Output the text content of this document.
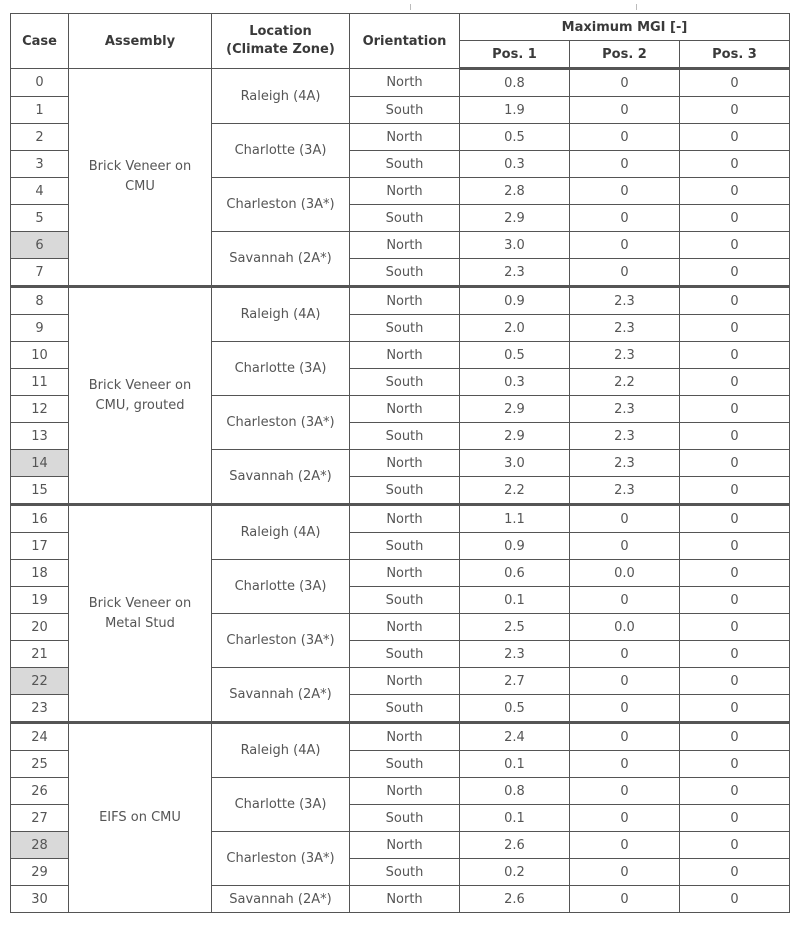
Case	Assembly	Location
(Climate Zone)	Orientation	Maximum MGI [-]		
				Pos. 1	Pos. 2	Pos. 3
0	Brick Veneer on CMU	Raleigh (4A)	North	0.8	0	0
1			South	1.9	0	0
2		Charlotte (3A)	North	0.5	0	0
3			South	0.3	0	0
4		Charleston (3A*)	North	2.8	0	0
5			South	2.9	0	0
6		Savannah (2A*)	North	3.0	0	0
7			South	2.3	0	0
8	Brick Veneer on CMU, grouted	Raleigh (4A)	North	0.9	2.3	0
9			South	2.0	2.3	0
10		Charlotte (3A)	North	0.5	2.3	0
11			South	0.3	2.2	0
12		Charleston (3A*)	North	2.9	2.3	0
13			South	2.9	2.3	0
14		Savannah (2A*)	North	3.0	2.3	0
15			South	2.2	2.3	0
16	Brick Veneer on Metal Stud	Raleigh (4A)	North	1.1	0	0
17			South	0.9	0	0
18		Charlotte (3A)	North	0.6	0.0	0
19			South	0.1	0	0
20		Charleston (3A*)	North	2.5	0.0	0
21			South	2.3	0	0
22		Savannah (2A*)	North	2.7	0	0
23			South	0.5	0	0
24	EIFS on CMU	Raleigh (4A)	North	2.4	0	0
25			South	0.1	0	0
26		Charlotte (3A)	North	0.8	0	0
27			South	0.1	0	0
28		Charleston (3A*)	North	2.6	0	0
29			South	0.2	0	0
30		Savannah (2A*)	North	2.6	0	0
